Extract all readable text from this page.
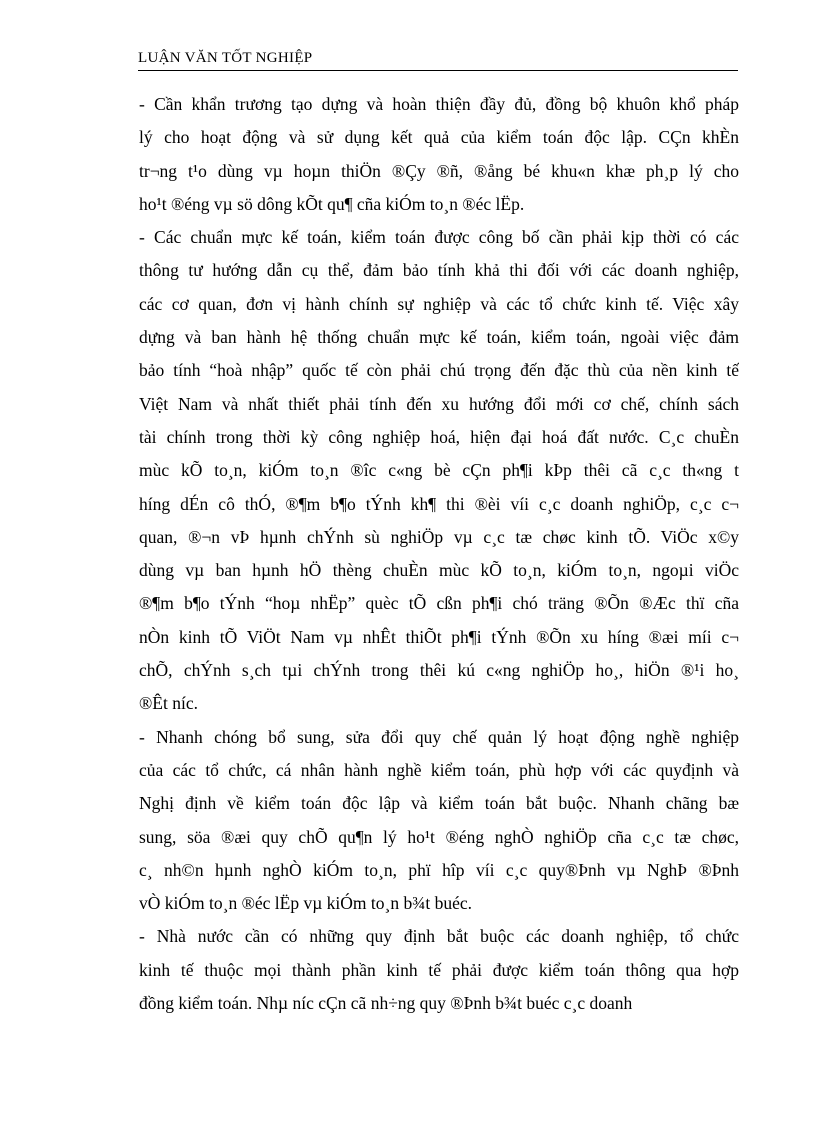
LUẬN VĂN TỐT NGHIỆP
- Cần khẩn trương tạo dựng và hoàn thiện đầy đủ, đồng bộ khuôn khổ pháp
lý cho hoạt động và sử dụng kết quả của kiểm toán độc lập. CÇn khÈn
tr¬ng t¹o dùng vµ hoµn thiÖn ®Çy ®ñ, ®ång bé khu«n khæ ph¸p lý cho
ho¹t ®éng vµ sö dông kÕt qu¶ cña kiÓm to¸n ®éc lËp.
- Các chuẩn mực kế toán, kiểm toán được công bố cần phải kịp thời có các
thông tư hướng dẫn cụ thể, đảm bảo tính khả thi đối với các doanh nghiệp,
các cơ quan, đơn vị hành chính sự nghiệp và các tổ chức kinh tế. Việc xây
dựng và ban hành hệ thống chuẩn mực kế toán, kiểm toán, ngoài việc đảm
bảo tính “hoà nhập” quốc tế còn phải chú trọng đến đặc thù của nền kinh tế
Việt Nam và nhất thiết phải tính đến xu hướng đổi mới cơ chế, chính sách
tài chính trong thời kỳ công nghiệp hoá, hiện đại hoá đất nước. C¸c chuÈn
mùc kÕ to¸n, kiÓm to¸n ®îc c«ng bè cÇn ph¶i kÞp thêi cã c¸c th«ng t
híng dÉn cô thÓ, ®¶m b¶o tÝnh kh¶ thi ®èi víi c¸c doanh nghiÖp, c¸c c¬
quan, ®¬n vÞ hµnh chÝnh sù nghiÖp vµ c¸c tæ chøc kinh tÕ. ViÖc x©y
dùng vµ ban hµnh hÖ thèng chuÈn mùc kÕ to¸n, kiÓm to¸n, ngoµi viÖc
®¶m b¶o tÝnh “hoµ nhËp” quèc tÕ cßn ph¶i chó träng ®Õn ®Æc thï cña
nÒn kinh tÕ ViÖt Nam vµ nhÊt thiÕt ph¶i tÝnh ®Õn xu híng ®æi míi c¬
chÕ, chÝnh s¸ch tµi chÝnh trong thêi kú c«ng nghiÖp ho¸, hiÖn ®¹i ho¸
®Êt níc.
- Nhanh chóng bổ sung, sửa đổi quy chế quản lý hoạt động nghề nghiệp
của các tổ chức, cá nhân hành nghề kiểm toán, phù hợp với các quyđịnh và
Nghị định về kiểm toán độc lập và kiểm toán bắt buộc. Nhanh chãng bæ
sung, söa ®æi quy chÕ qu¶n lý ho¹t ®éng nghÒ nghiÖp cña c¸c tæ chøc,
c¸ nh©n hµnh nghÒ kiÓm to¸n, phï hîp víi c¸c quy®Þnh vµ NghÞ ®Þnh
vÒ kiÓm to¸n ®éc lËp vµ kiÓm to¸n b¾t buéc.
- Nhà nước cần có những quy định bắt buộc các doanh nghiệp, tổ chức
kinh tế thuộc mọi thành phần kinh tế phải được kiểm toán thông qua hợp
đồng kiểm toán. Nhµ níc cÇn cã nh÷ng quy ®Þnh b¾t buéc c¸c doanh
